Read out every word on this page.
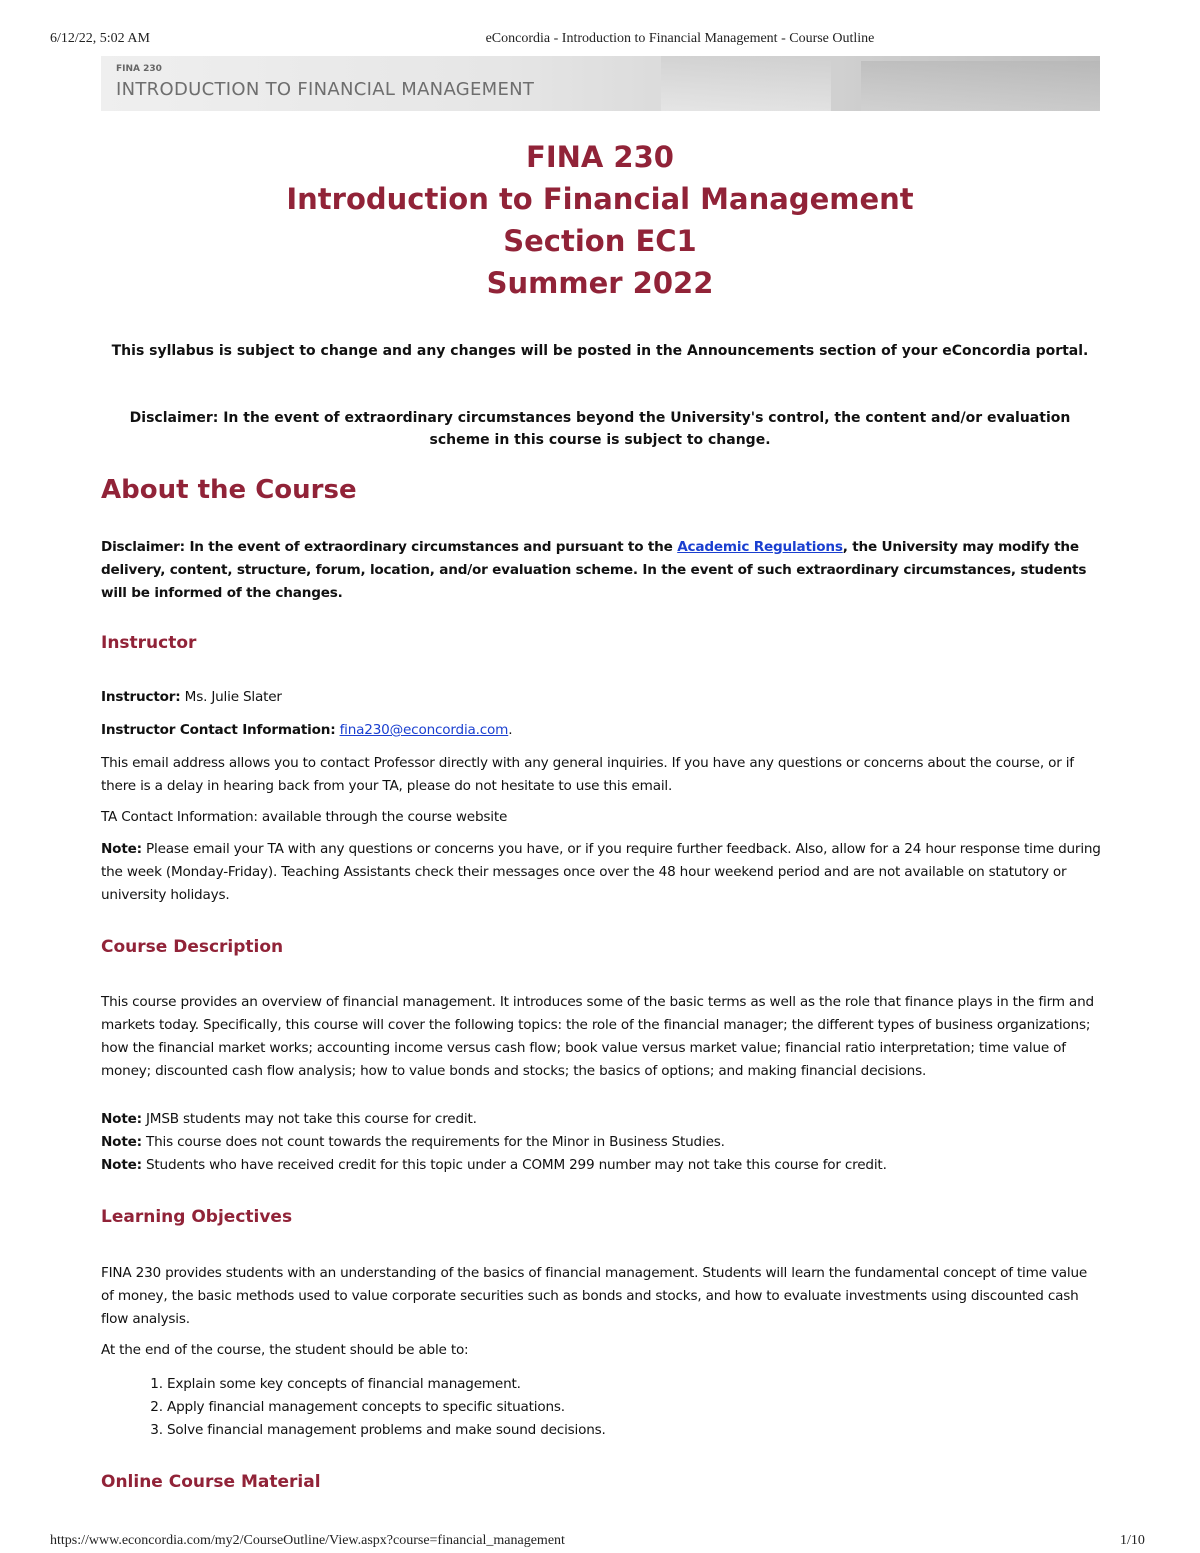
6/12/22, 5:02 AM	eConcordia - Introduction to Financial Management - Course Outline
FINA 230
INTRODUCTION TO FINANCIAL MANAGEMENT
FINA 230
Introduction to Financial Management
Section EC1
Summer 2022

This syllabus is subject to change and any changes will be posted in the Announcements section of your eConcordia portal.

Disclaimer: In the event of extraordinary circumstances beyond the University's control, the content and/or evaluation scheme in this course is subject to change.

About the Course

Disclaimer: In the event of extraordinary circumstances and pursuant to the Academic Regulations, the University may modify the delivery, content, structure, forum, location, and/or evaluation scheme. In the event of such extraordinary circumstances, students will be informed of the changes.

Instructor

Instructor: Ms. Julie Slater

Instructor Contact Information: fina230@econcordia.com.

This email address allows you to contact Professor directly with any general inquiries. If you have any questions or concerns about the course, or if there is a delay in hearing back from your TA, please do not hesitate to use this email.

TA Contact Information: available through the course website

Note: Please email your TA with any questions or concerns you have, or if you require further feedback. Also, allow for a 24 hour response time during the week (Monday-Friday). Teaching Assistants check their messages once over the 48 hour weekend period and are not available on statutory or university holidays.

Course Description

This course provides an overview of financial management. It introduces some of the basic terms as well as the role that finance plays in the firm and markets today. Specifically, this course will cover the following topics: the role of the financial manager; the different types of business organizations; how the financial market works; accounting income versus cash flow; book value versus market value; financial ratio interpretation; time value of money; discounted cash flow analysis; how to value bonds and stocks; the basics of options; and making financial decisions.

Note: JMSB students may not take this course for credit.
Note: This course does not count towards the requirements for the Minor in Business Studies.
Note: Students who have received credit for this topic under a COMM 299 number may not take this course for credit.

Learning Objectives

FINA 230 provides students with an understanding of the basics of financial management. Students will learn the fundamental concept of time value of money, the basic methods used to value corporate securities such as bonds and stocks, and how to evaluate investments using discounted cash flow analysis.

At the end of the course, the student should be able to:

1. Explain some key concepts of financial management.
2. Apply financial management concepts to specific situations.
3. Solve financial management problems and make sound decisions.
Online Course Material
https://www.econcordia.com/my2/CourseOutline/View.aspx?course=financial_management	1/10
